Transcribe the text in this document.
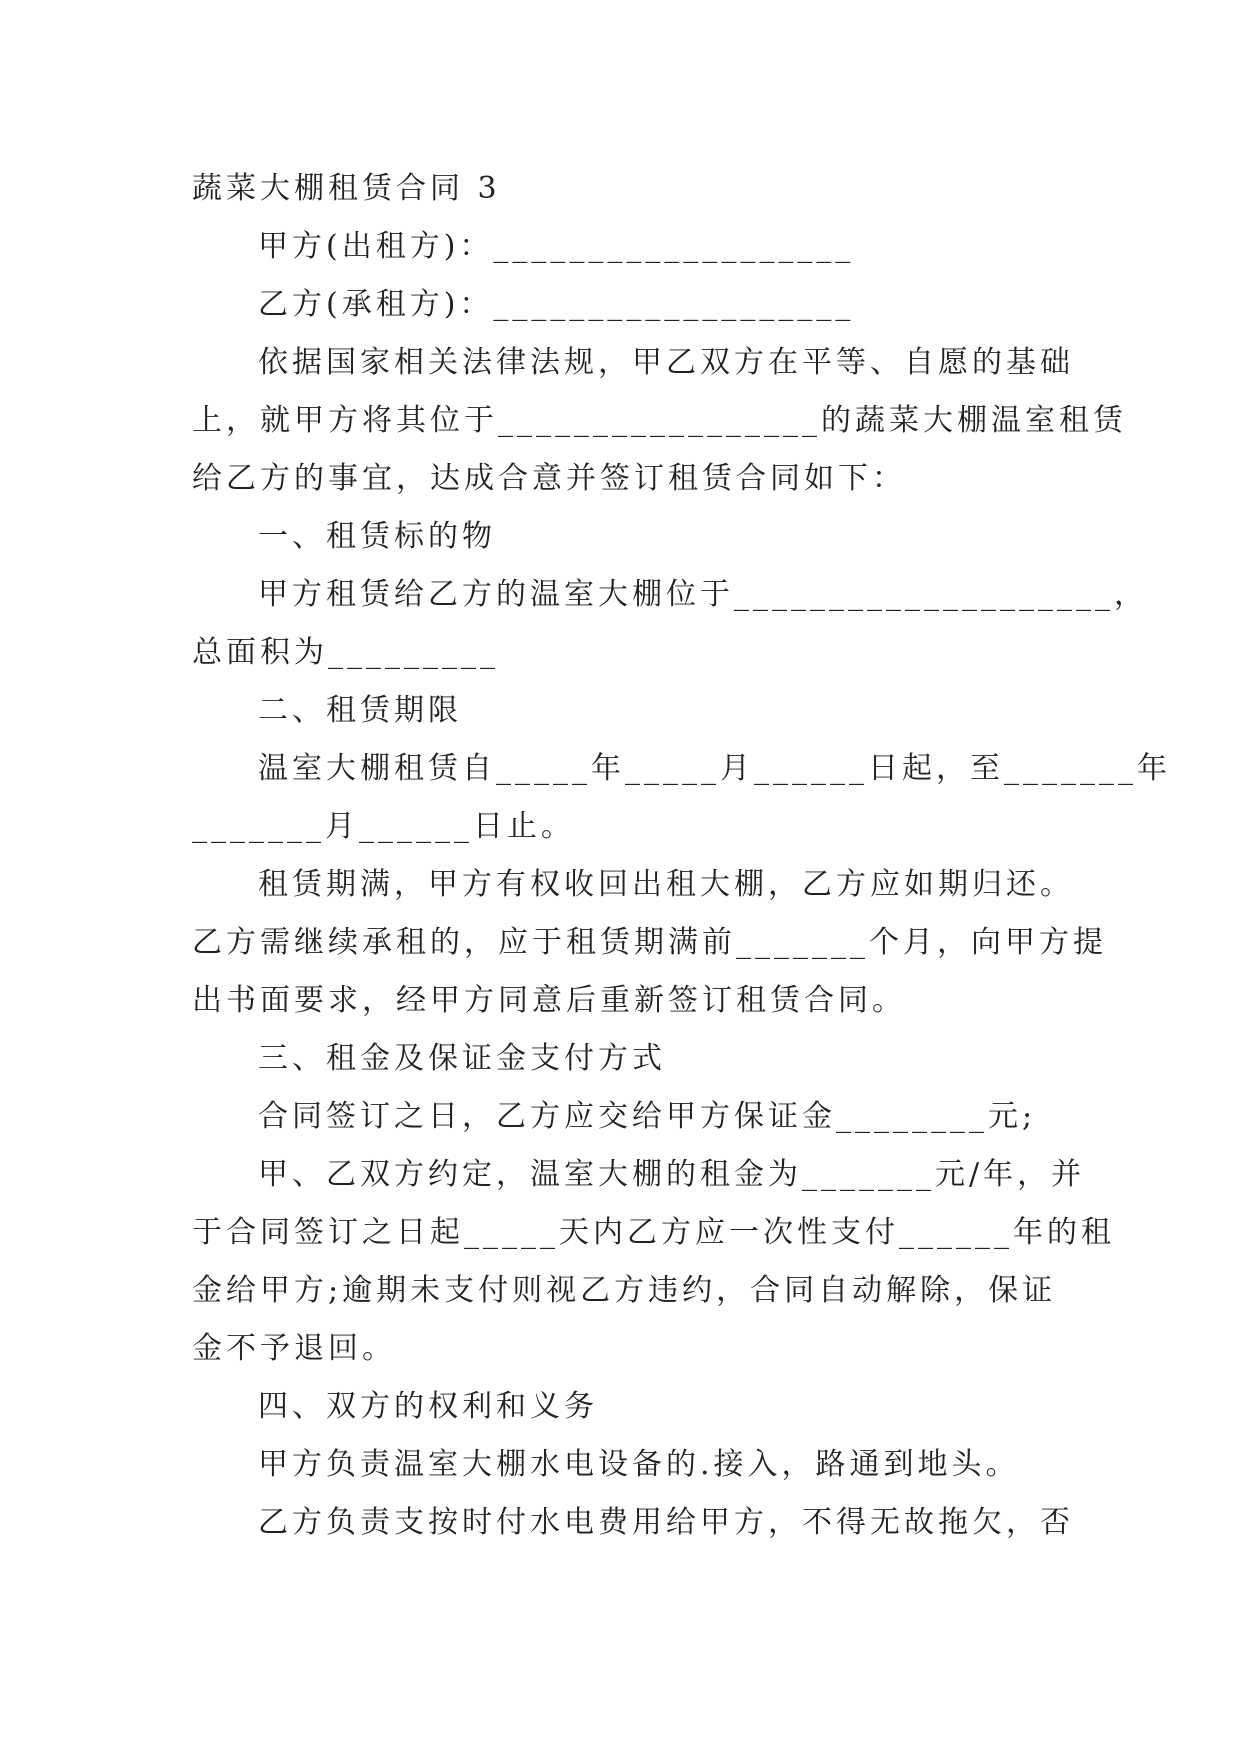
蔬菜大棚租赁合同 3
甲方(出租方)：___________________
乙方(承租方)：___________________
依据国家相关法律法规，甲乙双方在平等、自愿的基础
上，就甲方将其位于_________________的蔬菜大棚温室租赁
给乙方的事宜，达成合意并签订租赁合同如下：
一、租赁标的物
甲方租赁给乙方的温室大棚位于____________________，
总面积为_________
二、租赁期限
温室大棚租赁自_____年_____月______日起，至_______年
_______月______日止。
租赁期满，甲方有权收回出租大棚，乙方应如期归还。
乙方需继续承租的，应于租赁期满前_______个月，向甲方提
出书面要求，经甲方同意后重新签订租赁合同。
三、租金及保证金支付方式
合同签订之日，乙方应交给甲方保证金________元;
甲、乙双方约定，温室大棚的租金为_______元/年，并
于合同签订之日起_____天内乙方应一次性支付______年的租
金给甲方;逾期未支付则视乙方违约，合同自动解除，保证
金不予退回。
四、双方的权利和义务
甲方负责温室大棚水电设备的.接入，路通到地头。
乙方负责支按时付水电费用给甲方，不得无故拖欠，否
